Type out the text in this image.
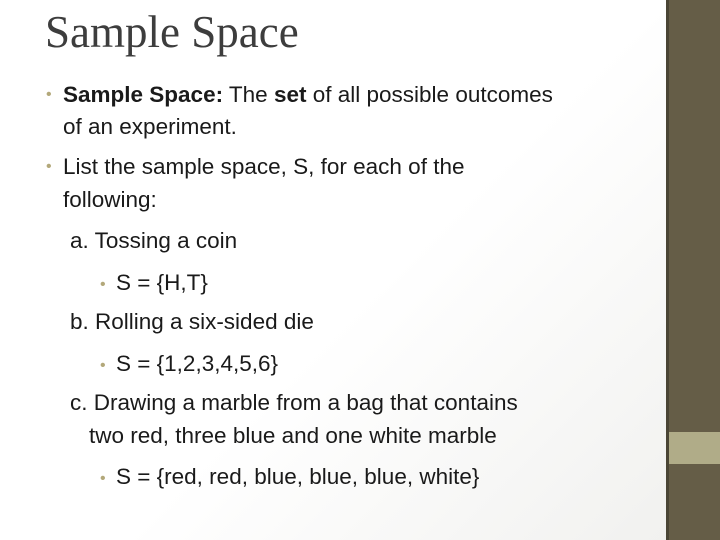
Sample Space
• Sample Space: The set of all possible outcomes
of an experiment.
• List the sample space, S, for each of the
following:
a. Tossing a coin
• S = {H,T}
b. Rolling a six-sided die
• S = {1,2,3,4,5,6}
c. Drawing a marble from a bag that contains
two red, three blue and one white marble
• S = {red, red, blue, blue, blue, white}
